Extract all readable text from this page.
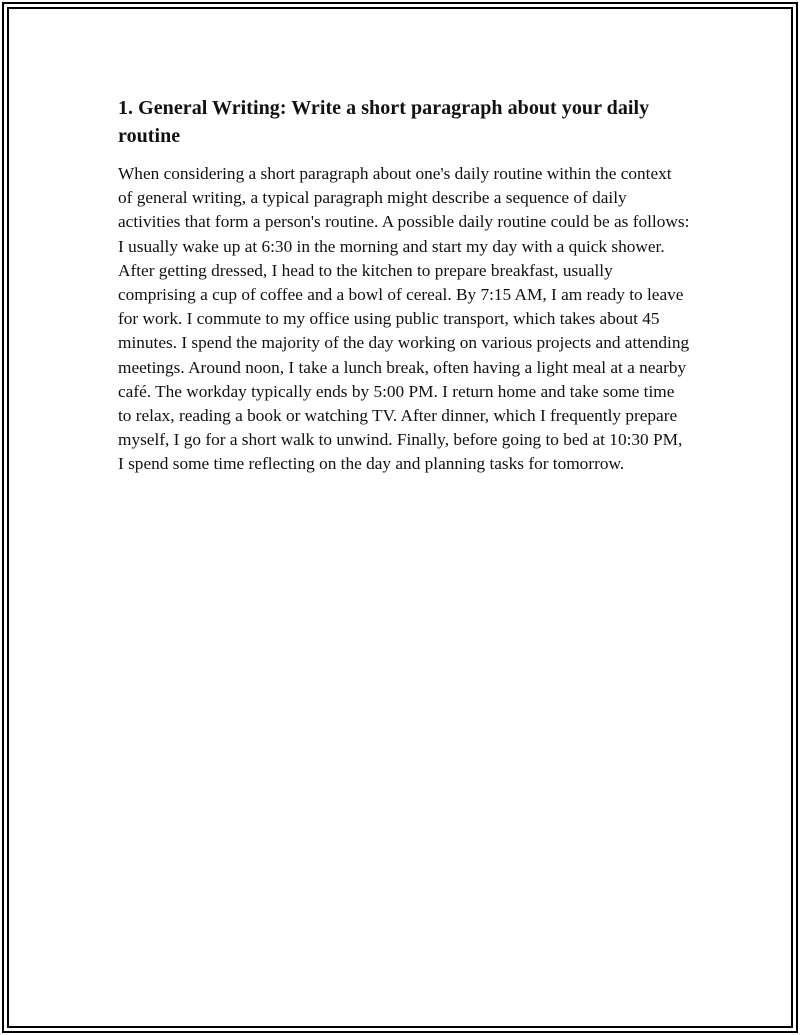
1. General Writing: Write a short paragraph about your daily routine

When considering a short paragraph about one's daily routine within the context of general writing, a typical paragraph might describe a sequence of daily activities that form a person's routine. A possible daily routine could be as follows: I usually wake up at 6:30 in the morning and start my day with a quick shower. After getting dressed, I head to the kitchen to prepare breakfast, usually comprising a cup of coffee and a bowl of cereal. By 7:15 AM, I am ready to leave for work. I commute to my office using public transport, which takes about 45 minutes. I spend the majority of the day working on various projects and attending meetings. Around noon, I take a lunch break, often having a light meal at a nearby café. The workday typically ends by 5:00 PM. I return home and take some time to relax, reading a book or watching TV. After dinner, which I frequently prepare myself, I go for a short walk to unwind. Finally, before going to bed at 10:30 PM, I spend some time reflecting on the day and planning tasks for tomorrow.
